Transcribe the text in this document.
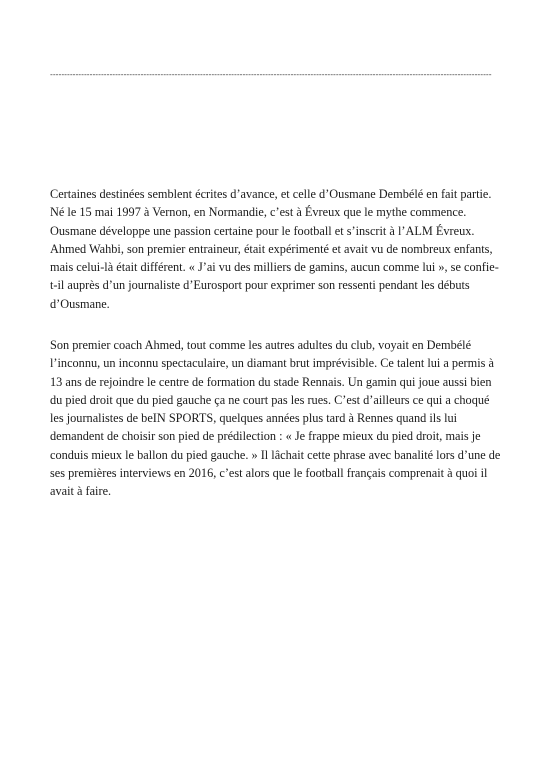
------------------------------------------------------------------------------------------------------------------------------------------------------------

Certaines destinées semblent écrites d’avance, et celle d’Ousmane Dembélé en fait partie. Né le 15 mai 1997 à Vernon, en Normandie, c’est à Évreux que le mythe commence. Ousmane développe une passion certaine pour le football et s’inscrit à l’ALM Évreux. Ahmed Wahbi, son premier entraineur, était expérimenté et avait vu de nombreux enfants, mais celui-là était différent. « J’ai vu des milliers de gamins, aucun comme lui », se confie-t-il auprès d’un journaliste d’Eurosport pour exprimer son ressenti pendant les débuts d’Ousmane.

Son premier coach Ahmed, tout comme les autres adultes du club, voyait en Dembélé l’inconnu, un inconnu spectaculaire, un diamant brut imprévisible. Ce talent lui a permis à 13 ans de rejoindre le centre de formation du stade Rennais. Un gamin qui joue aussi bien du pied droit que du pied gauche ça ne court pas les rues. C’est d’ailleurs ce qui a choqué les journalistes de beIN SPORTS, quelques années plus tard à Rennes quand ils lui demandent de choisir son pied de prédilection : « Je frappe mieux du pied droit, mais je conduis mieux le ballon du pied gauche. » Il lâchait cette phrase avec banalité lors d’une de ses premières interviews en 2016, c’est alors que le football français comprenait à quoi il avait à faire.
